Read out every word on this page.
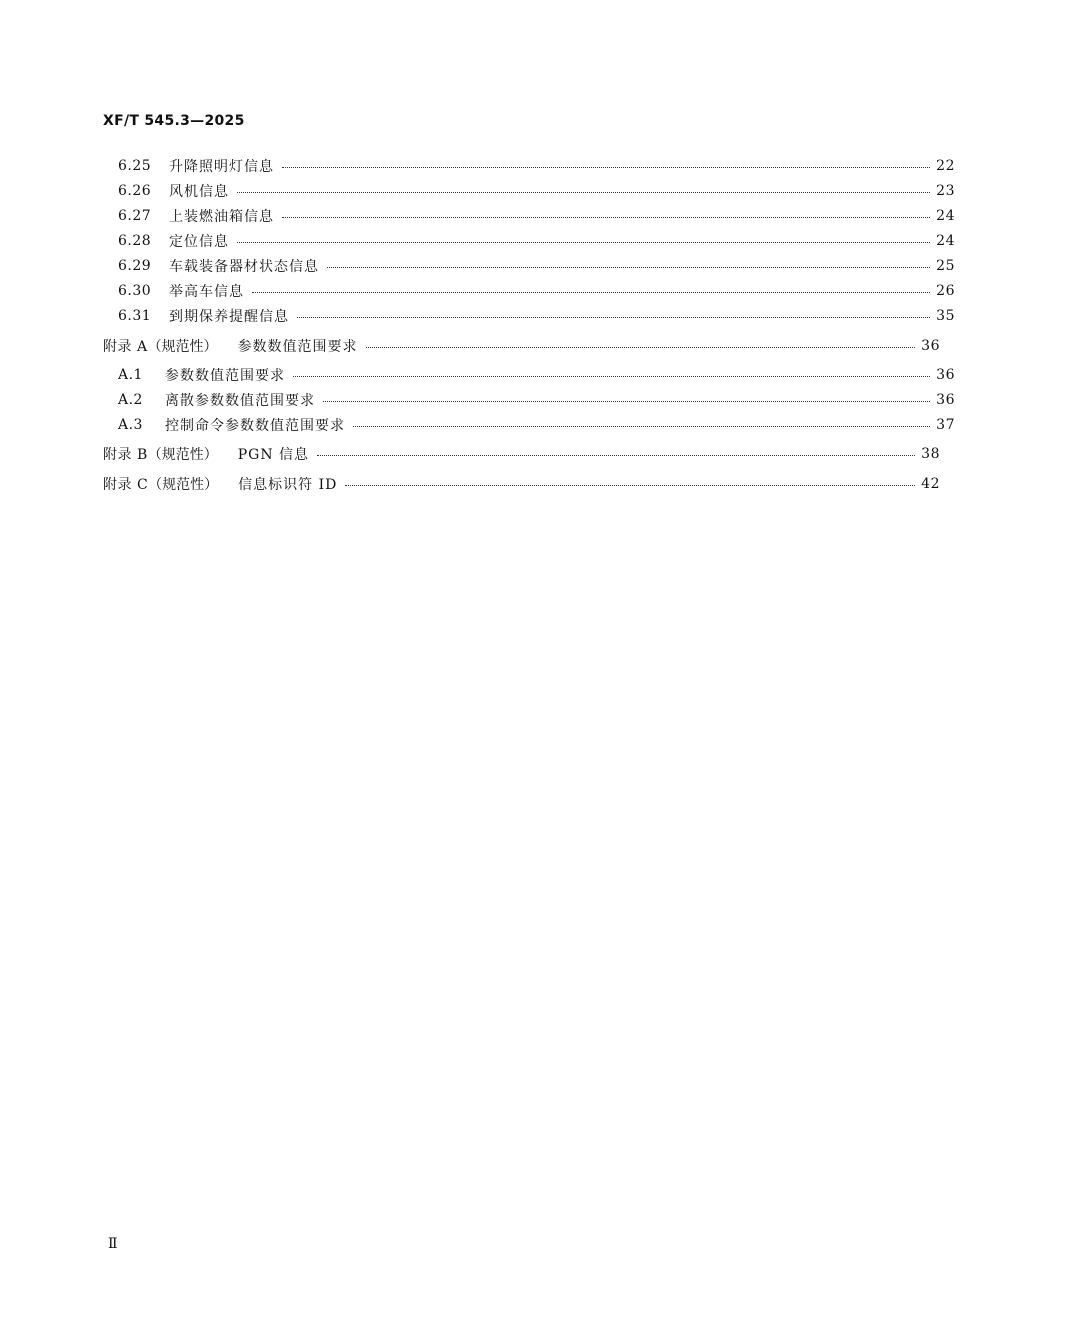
XF/T 545.3—2025
6.25	升降照明灯信息	22
6.26	风机信息	23
6.27	上装燃油箱信息	24
6.28	定位信息	24
6.29	车载装备器材状态信息	25
6.30	举高车信息	26
6.31	到期保养提醒信息	35
附录 A （规范性） 参数数值范围要求	36
A.1	参数数值范围要求	36
A.2	离散参数数值范围要求	36
A.3	控制命令参数数值范围要求	37
附录 B （规范性） PGN 信息	38
附录 C （规范性） 信息标识符 ID	42
Ⅱ
